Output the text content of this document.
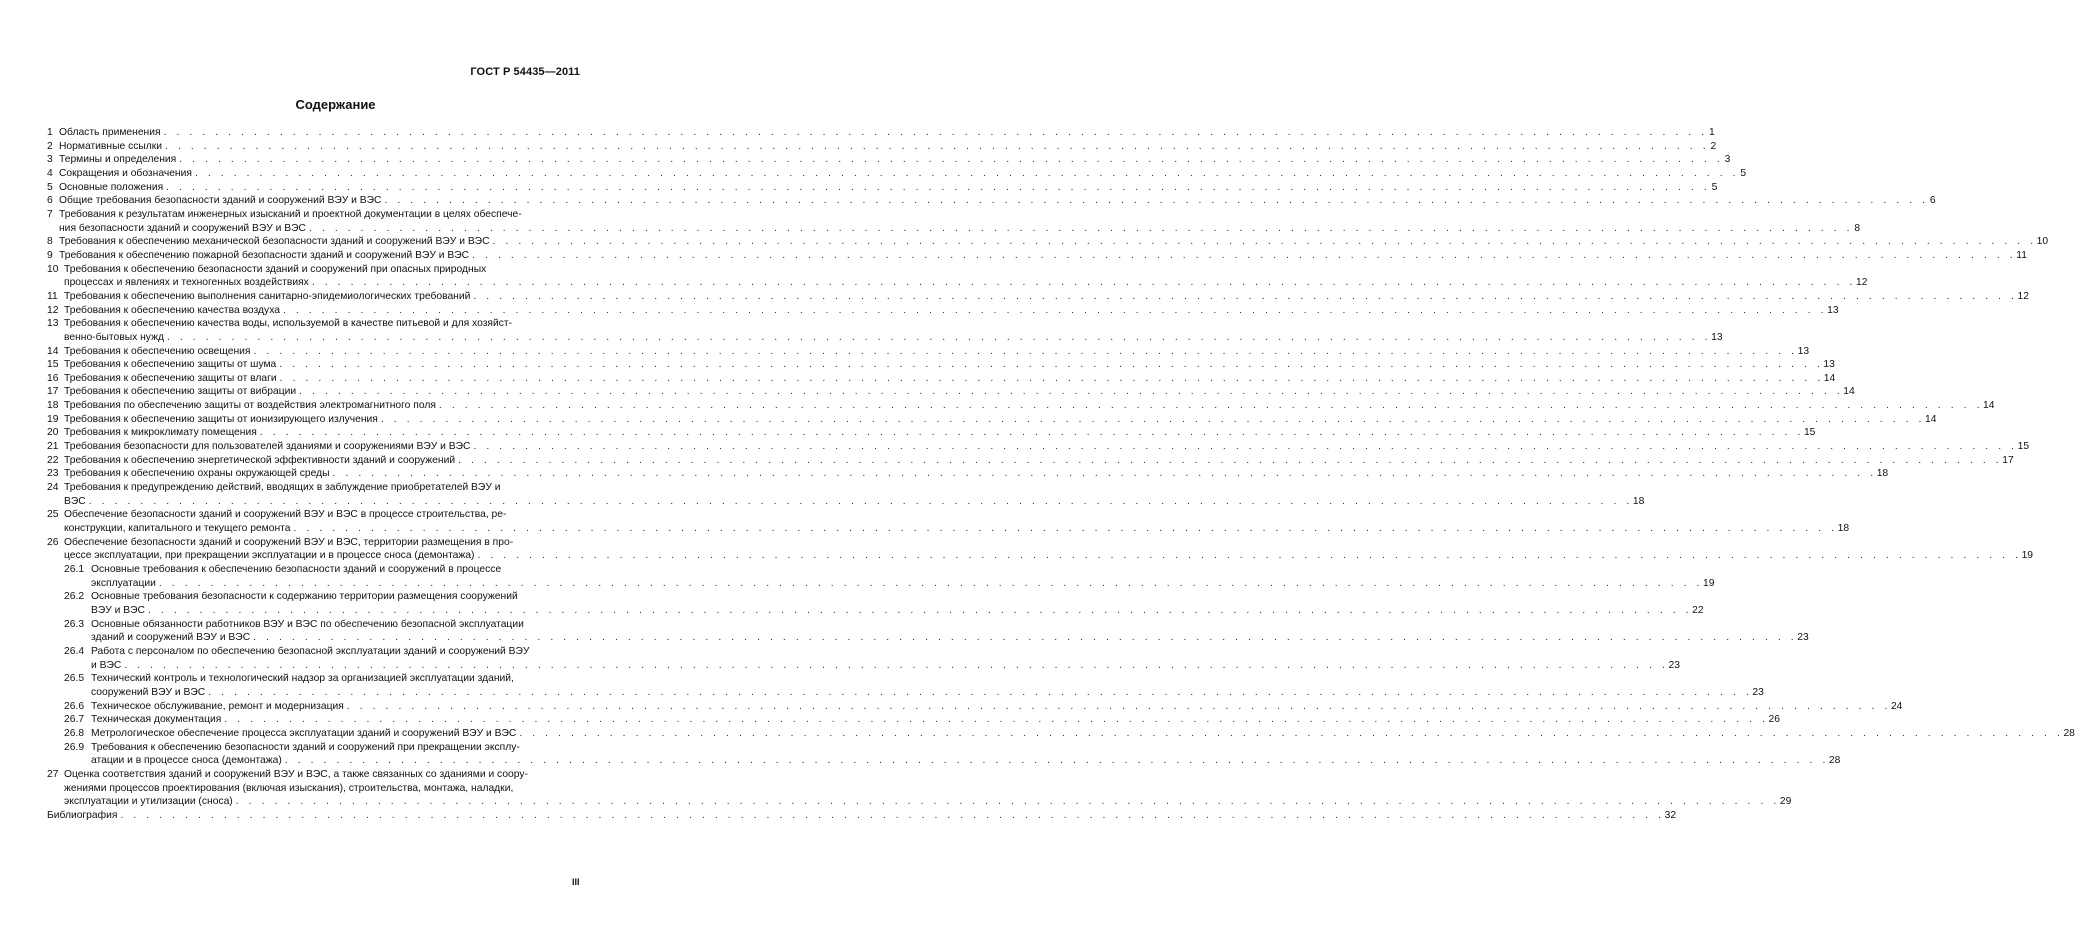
ГОСТ Р 54435—2011
Содержание
1 Область применения . . . . . . . . . . . . . . . . . . . . . . . . . . . . . . . . . . . . . . . . . . . . . . . . . . . . . . . . . . . . . . . . . . . . . . . . . . . . . . . . . . . . . . . . . . . . . . . . . . . . . . . . . . . . . . . . . . . . . . . . 1
2 Нормативные ссылки . . . . . . . . . . . . . . . . . . . . . . . . . . . . . . . . . . . . . . . . . . . . . . . . . . . . . . . . . . . . . . . . . . . . . . . . . . . . . . . . . . . . . . . . . . . . . . . . . . . . . . . . . . . . . . . . . . . . . . . . 2
3 Термины и определения . . . . . . . . . . . . . . . . . . . . . . . . . . . . . . . . . . . . . . . . . . . . . . . . . . . . . . . . . . . . . . . . . . . . . . . . . . . . . . . . . . . . . . . . . . . . . . . . . . . . . . . . . . . . . . . . . . . . . . . . 3
4 Сокращения и обозначения . . . . . . . . . . . . . . . . . . . . . . . . . . . . . . . . . . . . . . . . . . . . . . . . . . . . . . . . . . . . . . . . . . . . . . . . . . . . . . . . . . . . . . . . . . . . . . . . . . . . . . . . . . . . . . . . . . . . . . . . 5
5 Основные положения . . . . . . . . . . . . . . . . . . . . . . . . . . . . . . . . . . . . . . . . . . . . . . . . . . . . . . . . . . . . . . . . . . . . . . . . . . . . . . . . . . . . . . . . . . . . . . . . . . . . . . . . . . . . . . . . . . . . . . . . 5
6 Общие требования безопасности зданий и сооружений ВЭУ и ВЭС . . . . . . . . . . . . . . . . . . . . . . . . . . . . . . . . . . . . . . . . . . . . . . . . . . . . . . . . . . . . . . . . . . . . . . . . . . . . . . . . . . . . . . . . . . . . . . . . . . . . . . . . . . . . . . . . . . . . . . . . 6
7 Требования к результатам инженерных изысканий и проектной документации в целях обеспече-
ния безопасности зданий и сооружений ВЭУ и ВЭС . . . . . . . . . . . . . . . . . . . . . . . . . . . . . . . . . . . . . . . . . . . . . . . . . . . . . . . . . . . . . . . . . . . . . . . . . . . . . . . . . . . . . . . . . . . . . . . . . . . . . . . . . . . . . . . . . . . . . . . . 8
8 Требования к обеспечению механической безопасности зданий и сооружений ВЭУ и ВЭС . . . . . . . . . . . . . . . . . . . . . . . . . . . . . . . . . . . . . . . . . . . . . . . . . . . . . . . . . . . . . . . . . . . . . . . . . . . . . . . . . . . . . . . . . . . . . . . . . . . . . . . . . . . . . . . . . . . . . . . . 10
9 Требования к обеспечению пожарной безопасности зданий и сооружений ВЭУ и ВЭС . . . . . . . . . . . . . . . . . . . . . . . . . . . . . . . . . . . . . . . . . . . . . . . . . . . . . . . . . . . . . . . . . . . . . . . . . . . . . . . . . . . . . . . . . . . . . . . . . . . . . . . . . . . . . . . . . . . . . . . . 11
10 Требования к обеспечению безопасности зданий и сооружений при опасных природных
процессах и явлениях и техногенных воздействиях . . . . . . . . . . . . . . . . . . . . . . . . . . . . . . . . . . . . . . . . . . . . . . . . . . . . . . . . . . . . . . . . . . . . . . . . . . . . . . . . . . . . . . . . . . . . . . . . . . . . . . . . . . . . . . . . . . . . . . . . 12
11 Требования к обеспечению выполнения санитарно-эпидемиологических требований . . . . . . . . . . . . . . . . . . . . . . . . . . . . . . . . . . . . . . . . . . . . . . . . . . . . . . . . . . . . . . . . . . . . . . . . . . . . . . . . . . . . . . . . . . . . . . . . . . . . . . . . . . . . . . . . . . . . . . . . 12
12 Требования к обеспечению качества воздуха . . . . . . . . . . . . . . . . . . . . . . . . . . . . . . . . . . . . . . . . . . . . . . . . . . . . . . . . . . . . . . . . . . . . . . . . . . . . . . . . . . . . . . . . . . . . . . . . . . . . . . . . . . . . . . . . . . . . . . . . 13
13 Требования к обеспечению качества воды, используемой в качестве питьевой и для хозяйст-
венно-бытовых нужд . . . . . . . . . . . . . . . . . . . . . . . . . . . . . . . . . . . . . . . . . . . . . . . . . . . . . . . . . . . . . . . . . . . . . . . . . . . . . . . . . . . . . . . . . . . . . . . . . . . . . . . . . . . . . . . . . . . . . . . . 13
14 Требования к обеспечению освещения . . . . . . . . . . . . . . . . . . . . . . . . . . . . . . . . . . . . . . . . . . . . . . . . . . . . . . . . . . . . . . . . . . . . . . . . . . . . . . . . . . . . . . . . . . . . . . . . . . . . . . . . . . . . . . . . . . . . . . . . 13
15 Требования к обеспечению защиты от шума . . . . . . . . . . . . . . . . . . . . . . . . . . . . . . . . . . . . . . . . . . . . . . . . . . . . . . . . . . . . . . . . . . . . . . . . . . . . . . . . . . . . . . . . . . . . . . . . . . . . . . . . . . . . . . . . . . . . . . . . 13
16 Требования к обеспечению защиты от влаги . . . . . . . . . . . . . . . . . . . . . . . . . . . . . . . . . . . . . . . . . . . . . . . . . . . . . . . . . . . . . . . . . . . . . . . . . . . . . . . . . . . . . . . . . . . . . . . . . . . . . . . . . . . . . . . . . . . . . . . . 14
17 Требования к обеспечению защиты от вибрации . . . . . . . . . . . . . . . . . . . . . . . . . . . . . . . . . . . . . . . . . . . . . . . . . . . . . . . . . . . . . . . . . . . . . . . . . . . . . . . . . . . . . . . . . . . . . . . . . . . . . . . . . . . . . . . . . . . . . . . . 14
18 Требования по обеспечению защиты от воздействия электромагнитного поля . . . . . . . . . . . . . . . . . . . . . . . . . . . . . . . . . . . . . . . . . . . . . . . . . . . . . . . . . . . . . . . . . . . . . . . . . . . . . . . . . . . . . . . . . . . . . . . . . . . . . . . . . . . . . . . . . . . . . . . . 14
19 Требования к обеспечению защиты от ионизирующего излучения . . . . . . . . . . . . . . . . . . . . . . . . . . . . . . . . . . . . . . . . . . . . . . . . . . . . . . . . . . . . . . . . . . . . . . . . . . . . . . . . . . . . . . . . . . . . . . . . . . . . . . . . . . . . . . . . . . . . . . . . 14
20 Требования к микроклимату помещения . . . . . . . . . . . . . . . . . . . . . . . . . . . . . . . . . . . . . . . . . . . . . . . . . . . . . . . . . . . . . . . . . . . . . . . . . . . . . . . . . . . . . . . . . . . . . . . . . . . . . . . . . . . . . . . . . . . . . . . . 15
21 Требования безопасности для пользователей зданиями и сооружениями ВЭУ и ВЭС . . . . . . . . . . . . . . . . . . . . . . . . . . . . . . . . . . . . . . . . . . . . . . . . . . . . . . . . . . . . . . . . . . . . . . . . . . . . . . . . . . . . . . . . . . . . . . . . . . . . . . . . . . . . . . . . . . . . . . . . 15
22 Требования к обеспечению энергетической эффективности зданий и сооружений . . . . . . . . . . . . . . . . . . . . . . . . . . . . . . . . . . . . . . . . . . . . . . . . . . . . . . . . . . . . . . . . . . . . . . . . . . . . . . . . . . . . . . . . . . . . . . . . . . . . . . . . . . . . . . . . . . . . . . . . 17
23 Требования к обеспечению охраны окружающей среды . . . . . . . . . . . . . . . . . . . . . . . . . . . . . . . . . . . . . . . . . . . . . . . . . . . . . . . . . . . . . . . . . . . . . . . . . . . . . . . . . . . . . . . . . . . . . . . . . . . . . . . . . . . . . . . . . . . . . . . . 18
24 Требования к предупреждению действий, вводящих в заблуждение приобретателей ВЭУ и
ВЭС . . . . . . . . . . . . . . . . . . . . . . . . . . . . . . . . . . . . . . . . . . . . . . . . . . . . . . . . . . . . . . . . . . . . . . . . . . . . . . . . . . . . . . . . . . . . . . . . . . . . . . . . . . . . . . . . . . . . . . . . 18
25 Обеспечение безопасности зданий и сооружений ВЭУ и ВЭС в процессе строительства, ре-
конструкции, капитального и текущего ремонта . . . . . . . . . . . . . . . . . . . . . . . . . . . . . . . . . . . . . . . . . . . . . . . . . . . . . . . . . . . . . . . . . . . . . . . . . . . . . . . . . . . . . . . . . . . . . . . . . . . . . . . . . . . . . . . . . . . . . . . . 18
26 Обеспечение безопасности зданий и сооружений ВЭУ и ВЭС, территории размещения в про-
цессе эксплуатации, при прекращении эксплуатации и в процессе сноса (демонтажа) . . . . . . . . . . . . . . . . . . . . . . . . . . . . . . . . . . . . . . . . . . . . . . . . . . . . . . . . . . . . . . . . . . . . . . . . . . . . . . . . . . . . . . . . . . . . . . . . . . . . . . . . . . . . . . . . . . . . . . . . 19
26.1 Основные требования к обеспечению безопасности зданий и сооружений в процессе
эксплуатации . . . . . . . . . . . . . . . . . . . . . . . . . . . . . . . . . . . . . . . . . . . . . . . . . . . . . . . . . . . . . . . . . . . . . . . . . . . . . . . . . . . . . . . . . . . . . . . . . . . . . . . . . . . . . . . . . . . . . . . . 19
26.2 Основные требования безопасности к содержанию территории размещения сооружений
ВЭУ и ВЭС . . . . . . . . . . . . . . . . . . . . . . . . . . . . . . . . . . . . . . . . . . . . . . . . . . . . . . . . . . . . . . . . . . . . . . . . . . . . . . . . . . . . . . . . . . . . . . . . . . . . . . . . . . . . . . . . . . . . . . . . 22
26.3 Основные обязанности работников ВЭУ и ВЭС по обеспечению безопасной эксплуатации
зданий и сооружений ВЭУ и ВЭС . . . . . . . . . . . . . . . . . . . . . . . . . . . . . . . . . . . . . . . . . . . . . . . . . . . . . . . . . . . . . . . . . . . . . . . . . . . . . . . . . . . . . . . . . . . . . . . . . . . . . . . . . . . . . . . . . . . . . . . . 23
26.4 Работа с персоналом по обеспечению безопасной эксплуатации зданий и сооружений ВЭУ
и ВЭС . . . . . . . . . . . . . . . . . . . . . . . . . . . . . . . . . . . . . . . . . . . . . . . . . . . . . . . . . . . . . . . . . . . . . . . . . . . . . . . . . . . . . . . . . . . . . . . . . . . . . . . . . . . . . . . . . . . . . . . . 23
26.5 Технический контроль и технологический надзор за организацией эксплуатации зданий,
сооружений ВЭУ и ВЭС . . . . . . . . . . . . . . . . . . . . . . . . . . . . . . . . . . . . . . . . . . . . . . . . . . . . . . . . . . . . . . . . . . . . . . . . . . . . . . . . . . . . . . . . . . . . . . . . . . . . . . . . . . . . . . . . . . . . . . . . 23
26.6 Техническое обслуживание, ремонт и модернизация . . . . . . . . . . . . . . . . . . . . . . . . . . . . . . . . . . . . . . . . . . . . . . . . . . . . . . . . . . . . . . . . . . . . . . . . . . . . . . . . . . . . . . . . . . . . . . . . . . . . . . . . . . . . . . . . . . . . . . . . 24
26.7 Техническая документация . . . . . . . . . . . . . . . . . . . . . . . . . . . . . . . . . . . . . . . . . . . . . . . . . . . . . . . . . . . . . . . . . . . . . . . . . . . . . . . . . . . . . . . . . . . . . . . . . . . . . . . . . . . . . . . . . . . . . . . . 26
26.8 Метрологическое обеспечение процесса эксплуатации зданий и сооружений ВЭУ и ВЭС . . . . . . . . . . . . . . . . . . . . . . . . . . . . . . . . . . . . . . . . . . . . . . . . . . . . . . . . . . . . . . . . . . . . . . . . . . . . . . . . . . . . . . . . . . . . . . . . . . . . . . . . . . . . . . . . . . . . . . . . 28
26.9 Требования к обеспечению безопасности зданий и сооружений при прекращении эксплу-
атации и в процессе сноса (демонтажа) . . . . . . . . . . . . . . . . . . . . . . . . . . . . . . . . . . . . . . . . . . . . . . . . . . . . . . . . . . . . . . . . . . . . . . . . . . . . . . . . . . . . . . . . . . . . . . . . . . . . . . . . . . . . . . . . . . . . . . . . 28
27 Оценка соответствия зданий и сооружений ВЭУ и ВЭС, а также связанных со зданиями и соору-
жениями процессов проектирования (включая изыскания), строительства, монтажа, наладки,
эксплуатации и утилизации (сноса) . . . . . . . . . . . . . . . . . . . . . . . . . . . . . . . . . . . . . . . . . . . . . . . . . . . . . . . . . . . . . . . . . . . . . . . . . . . . . . . . . . . . . . . . . . . . . . . . . . . . . . . . . . . . . . . . . . . . . . . . 29
Библиография . . . . . . . . . . . . . . . . . . . . . . . . . . . . . . . . . . . . . . . . . . . . . . . . . . . . . . . . . . . . . . . . . . . . . . . . . . . . . . . . . . . . . . . . . . . . . . . . . . . . . . . . . . . . . . . . . . . . . . . . 32
III
